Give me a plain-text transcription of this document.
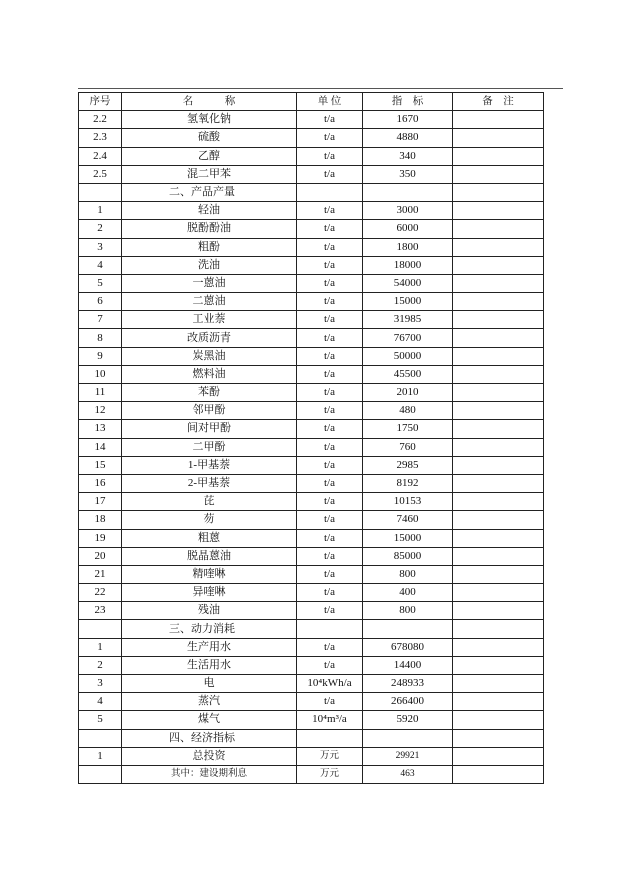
序号	名　　　称	单 位	指　标	备　注
2.2	氢氧化钠	t/a	1670	
2.3	硫酸	t/a	4880	
2.4	乙醇	t/a	340	
2.5	混二甲苯	t/a	350	
	二、产品产量			
1	轻油	t/a	3000	
2	脱酚酚油	t/a	6000	
3	粗酚	t/a	1800	
4	洗油	t/a	18000	
5	一蒽油	t/a	54000	
6	二蒽油	t/a	15000	
7	工业萘	t/a	31985	
8	改质沥青	t/a	76700	
9	炭黑油	t/a	50000	
10	燃料油	t/a	45500	
11	苯酚	t/a	2010	
12	邻甲酚	t/a	480	
13	间对甲酚	t/a	1750	
14	二甲酚	t/a	760	
15	1-甲基萘	t/a	2985	
16	2-甲基萘	t/a	8192	
17	芘	t/a	10153	
18	芴	t/a	7460	
19	粗蒽	t/a	15000	
20	脱晶蒽油	t/a	85000	
21	精喹啉	t/a	800	
22	异喹啉	t/a	400	
23	残油	t/a	800	
	三、动力消耗			
1	生产用水	t/a	678080	
2	生活用水	t/a	14400	
3	电	10⁴kWh/a	248933	
4	蒸汽	t/a	266400	
5	煤气	10⁴m³/a	5920	
	四、经济指标			
1	总投资	万元	29921	
	其中：建设期利息	万元	463	
